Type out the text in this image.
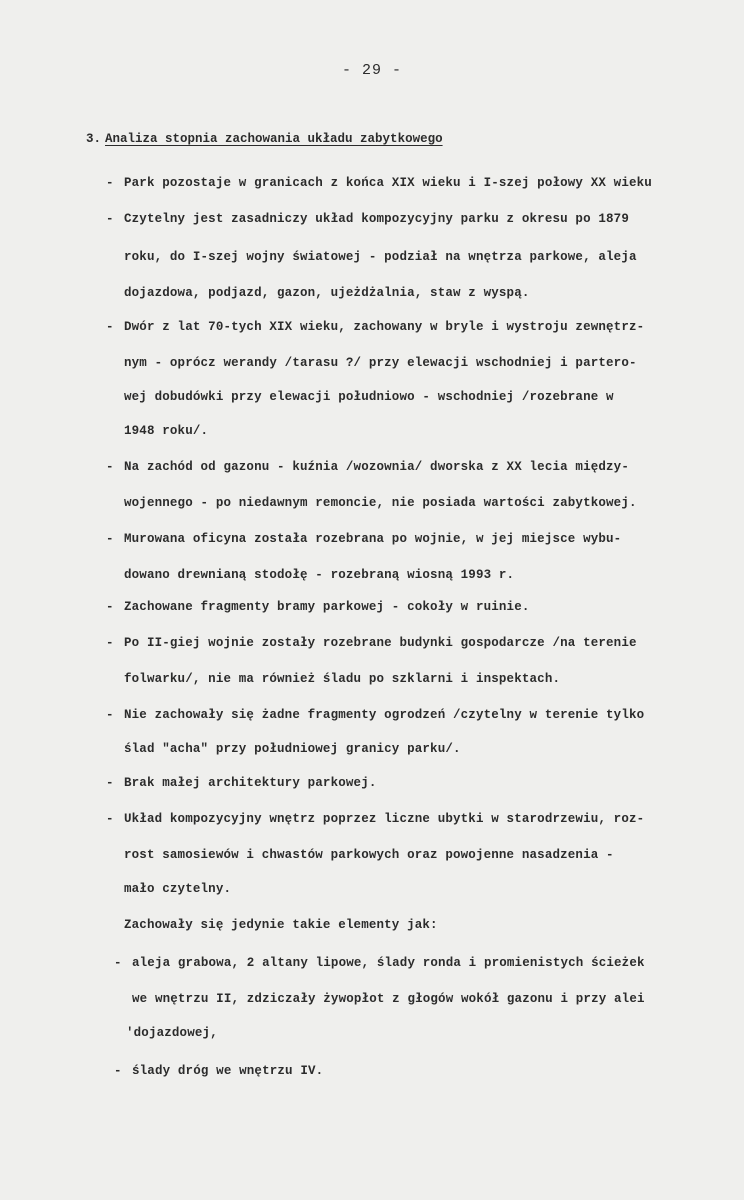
- 29 -
3. Analiza stopnia zachowania układu zabytkowego
- Park pozostaje w granicach z końca XIX wieku i I-szej połowy XX wieku
- Czytelny jest zasadniczy układ kompozycyjny parku z okresu po 1879
roku, do I-szej wojny światowej - podział na wnętrza parkowe, aleja
dojazdowa, podjazd, gazon, ujeżdżalnia, staw z wyspą.
- Dwór z lat 70-tych XIX wieku, zachowany w bryle i wystroju zewnętrz-
nym - oprócz werandy /tarasu ?/ przy elewacji wschodniej i partero-
wej dobudówki przy elewacji południowo - wschodniej /rozebrane w
1948 roku/.
- Na zachód od gazonu - kuźnia /wozownia/ dworska z XX lecia między-
wojennego - po niedawnym remoncie, nie posiada wartości zabytkowej.
- Murowana oficyna została rozebrana po wojnie, w jej miejsce wybu-
dowano drewnianą stodołę - rozebraną wiosną 1993 r.
- Zachowane fragmenty bramy parkowej - cokoły w ruinie.
- Po II-giej wojnie zostały rozebrane budynki gospodarcze /na terenie
folwarku/, nie ma również śladu po szklarni i inspektach.
- Nie zachowały się żadne fragmenty ogrodzeń /czytelny w terenie tylko
ślad "acha" przy południowej granicy parku/.
- Brak małej architektury parkowej.
- Układ kompozycyjny wnętrz poprzez liczne ubytki w starodrzewiu, roz-
rost samosiewów i chwastów parkowych oraz powojenne nasadzenia -
mało czytelny.
Zachowały się jedynie takie elementy jak:
- aleja grabowa, 2 altany lipowe, ślady ronda i promienistych ścieżek
we wnętrzu II, zdziczały żywopłot z głogów wokół gazonu i przy alei
'dojazdowej,
- ślady dróg we wnętrzu IV.
